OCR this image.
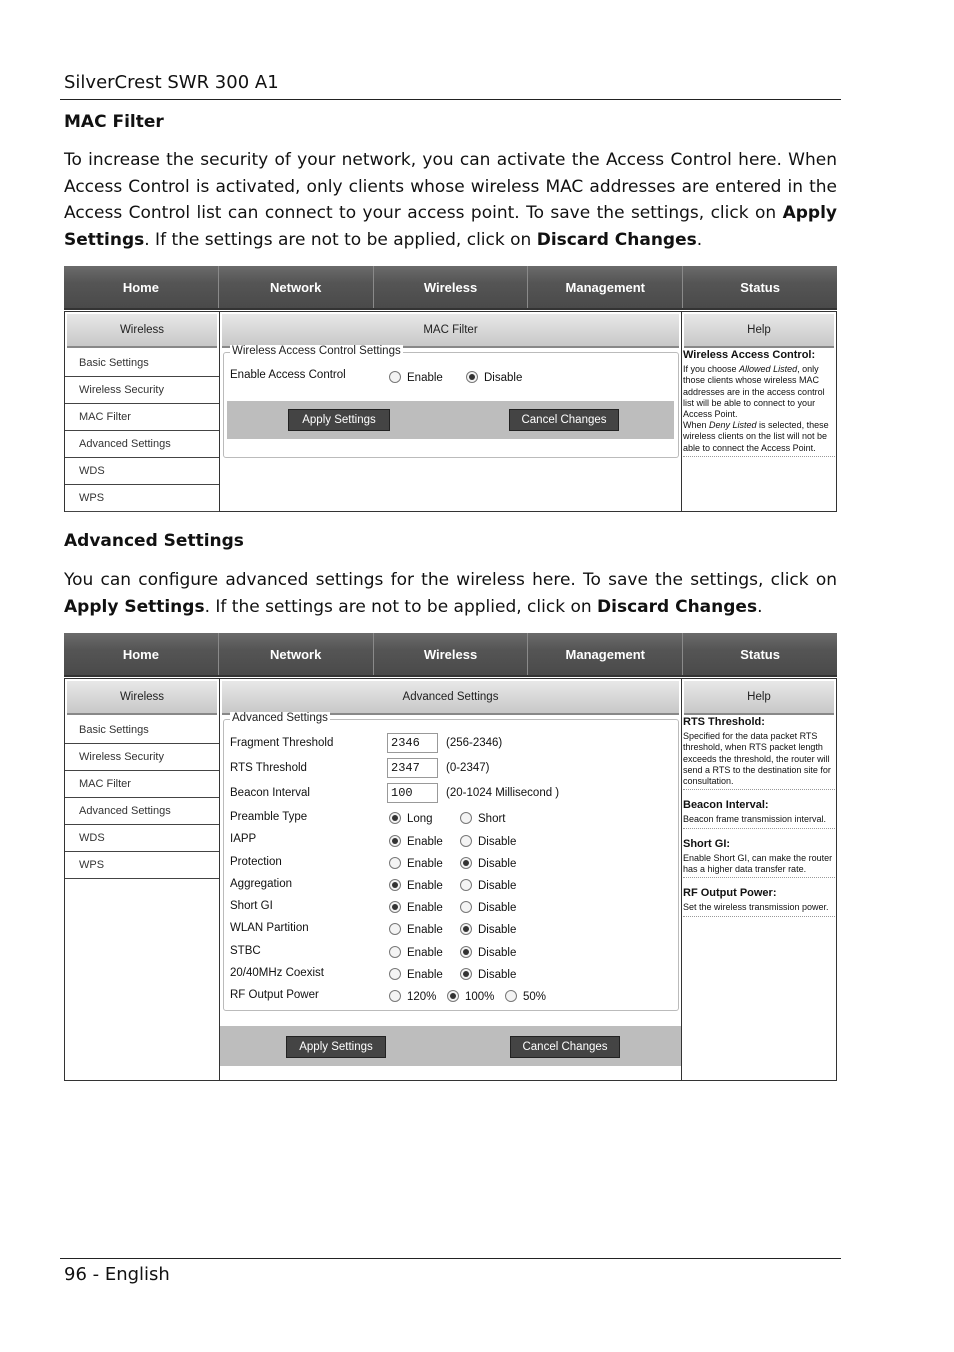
SilverCrest SWR 300 A1
MAC Filter

To increase the security of your network, you can activate the Access Control here. When Access Control is activated, only clients whose wireless MAC addresses are entered in the Access Control list can connect to your access point. To save the settings, click on Apply Settings. If the settings are not to be applied, click on Discard Changes.

Home	Network	Wireless	Management	Status
Wireless
Basic Settings
Wireless Security
MAC Filter
Advanced Settings
WDS
WPS
MAC Filter
Wireless Access Control Settings
Enable Access Control	Enable	Disable
Apply Settings	Cancel Changes
Help
Wireless Access Control:
If you choose Allowed Listed, only those clients whose wireless MAC addresses are in the access control list will be able to connect to your Access Point.
When Deny Listed is selected, these wireless clients on the list will not be able to connect the Access Point.
Advanced Settings

You can configure advanced settings for the wireless here. To save the settings, click on Apply Settings. If the settings are not to be applied, click on Discard Changes.

Home	Network	Wireless	Management	Status
Wireless
Basic Settings
Wireless Security
MAC Filter
Advanced Settings
WDS
WPS
Advanced Settings
Advanced Settings
Fragment Threshold	2346 (256-2346)
RTS Threshold	2347 (0-2347)
Beacon Interval	100	(20-1024 Millisecond )
Preamble Type	Long	Short
IAPP	Enable	Disable
Protection	Enable	Disable
Aggregation	Enable	Disable
Short GI	Enable	Disable
WLAN Partition	Enable	Disable
STBC	Enable	Disable
20/40MHz Coexist	Enable	Disable
RF Output Power	120%	100%	50%
Apply Settings	Cancel Changes
Help
RTS Threshold:
Specified for the data packet RTS threshold, when RTS packet length exceeds the threshold, the router will send a RTS to the destination site for consultation.
Beacon Interval:
Beacon frame transmission interval.
Short GI:
Enable Short GI, can make the router has a higher data transfer rate.
RF Output Power:
Set the wireless transmission power.
96 - English
